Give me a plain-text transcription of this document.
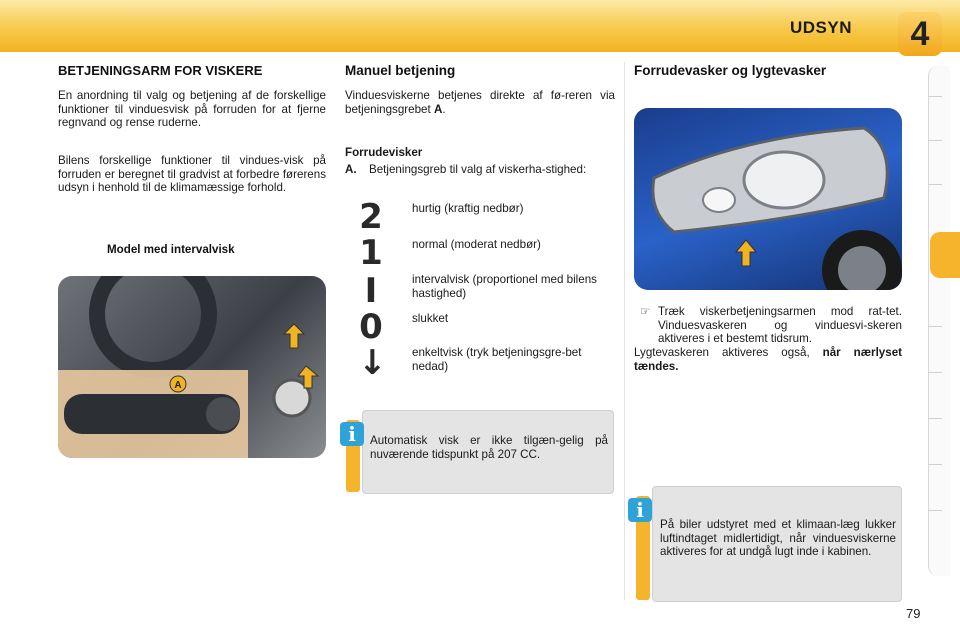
UDSYN	4
BETJENINGSARM FOR VISKERE
En anordning til valg og betjening af de forskellige funktioner til vinduesvisk på forruden for at fjerne regnvand og rense ruderne.
Bilens forskellige funktioner til vindues-visk på forruden er beregnet til gradvist at forbedre førerens udsyn i henhold til de klimamæssige forhold.
Model med intervalvisk
A
Manuel betjening
Vinduesviskerne betjenes direkte af fø-reren via betjeningsgrebet A.
Forrudevisker
A.	Betjeningsgreb til valg af viskerha-stighed:
2	hurtig (kraftig nedbør)
1	normal (moderat nedbør)
I	intervalvisk (proportionel med bilens hastighed)
0	slukket
↓ enkeltvisk (tryk betjeningsgre-bet nedad)
i	Automatisk visk er ikke tilgæn-gelig på nuværende tidspunkt på 207 CC.
Forrudevasker og lygtevasker
☞ Træk viskerbetjeningsarmen mod rat-tet. Vinduesvaskeren og vinduesvi-skeren aktiveres i et bestemt tidsrum.
Lygtevaskeren aktiveres også, når nærlyset tændes.
i
På biler udstyret med et klimaan-læg lukker luftindtaget midlertidigt, når vinduesviskerne aktiveres for at undgå lugt inde i kabinen.
79
